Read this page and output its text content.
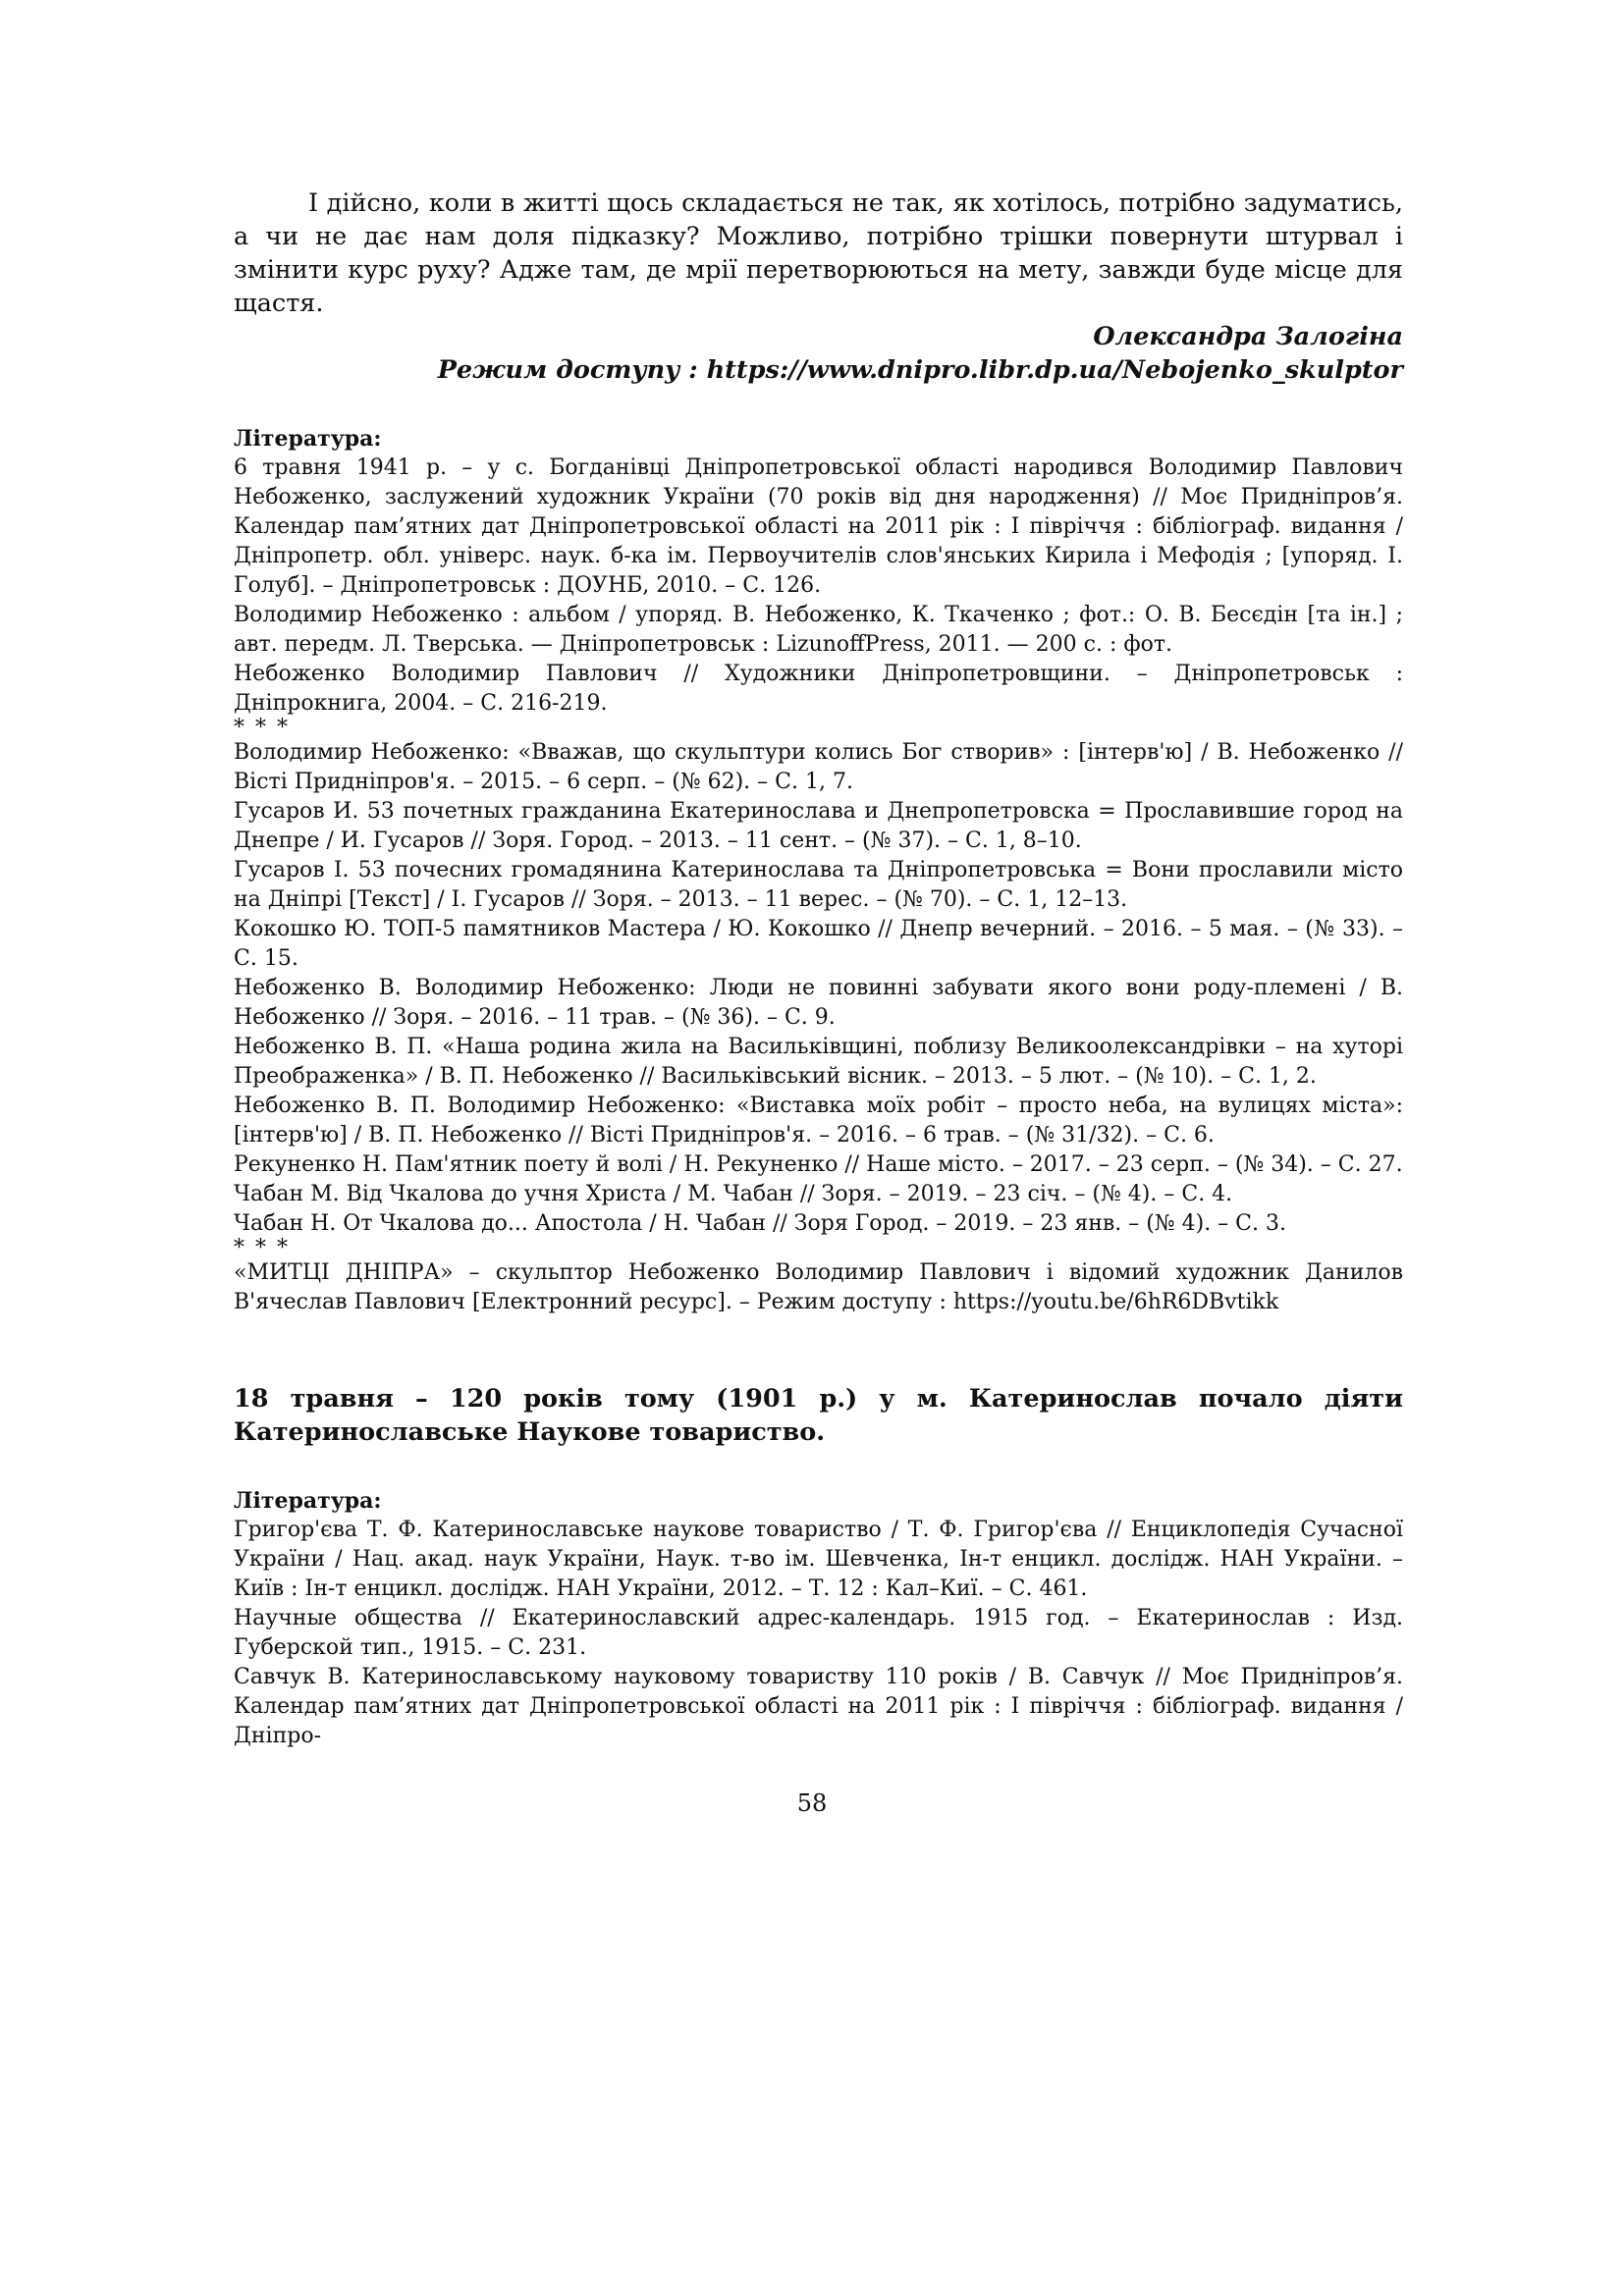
І дійсно, коли в житті щось складається не так, як хотілось, потрібно задуматись, а чи не дає нам доля підказку? Можливо, потрібно трішки повернути штурвал і змінити курс руху? Адже там, де мрії перетворюються на мету, завжди буде місце для щастя.

Олександра Залогіна
Режим доступу : https://www.dnipro.libr.dp.ua/Nebojenko_skulptor

Література:

6 травня 1941 р. – у с. Богданівці Дніпропетровської області народився Володимир Павлович Небоженко, заслужений художник України (70 років від дня народження) // Моє Придніпров’я. Календар пам’ятних дат Дніпропетровської області на 2011 рік : І півріччя : бібліограф. видання / Дніпропетр. обл. універс. наук. б-ка ім. Первоучителів слов'янських Кирила і Мефодія ; [упоряд. І. Голуб]. – Дніпропетровськ : ДОУНБ, 2010. – С. 126.

Володимир Небоженко : альбом / упоряд. В. Небоженко, К. Ткаченко ; фот.: О. В. Бесєдін [та ін.] ; авт. передм. Л. Тверська. — Дніпропетровськ : LizunoffPress, 2011. — 200 с. : фот.

Небоженко Володимир Павлович // Художники Дніпропетровщини. – Дніпропетровськ : Дніпрокнига, 2004. – С. 216-219.

* * *

Володимир Небоженко: «Вважав, що скульптури колись Бог створив» : [інтерв'ю] / В. Небоженко // Вісті Придніпров'я. – 2015. – 6 серп. – (№ 62). – С. 1, 7.

Гусаров И. 53 почетных гражданина Екатеринослава и Днепропетровска = Прославившие город на Днепре / И. Гусаров // Зоря. Город. – 2013. – 11 сент. – (№ 37). – С. 1, 8–10.

Гусаров І. 53 почесних громадянина Катеринослава та Дніпропетровська = Вони прославили місто на Дніпрі [Текст] / І. Гусаров // Зоря. – 2013. – 11 верес. – (№ 70). – С. 1, 12–13.

Кокошко Ю. ТОП-5 памятников Мастера / Ю. Кокошко // Днепр вечерний. – 2016. – 5 мая. – (№ 33). – С. 15.

Небоженко В. Володимир Небоженко: Люди не повинні забувати якого вони роду-племені / В. Небоженко // Зоря. – 2016. – 11 трав. – (№ 36). – С. 9.

Небоженко В. П. «Наша родина жила на Васильківщині, поблизу Великоолександрівки – на хуторі Преображенка» / В. П. Небоженко // Васильківський вісник. – 2013. – 5 лют. – (№ 10). – С. 1, 2.

Небоженко В. П. Володимир Небоженко: «Виставка моїх робіт – просто неба, на вулицях міста»: [інтерв'ю] / В. П. Небоженко // Вісті Придніпров'я. – 2016. – 6 трав. – (№ 31/32). – С. 6.

Рекуненко Н. Пам'ятник поету й волі / Н. Рекуненко // Наше місто. – 2017. – 23 серп. – (№ 34). – С. 27.

Чабан М. Від Чкалова до учня Христа / М. Чабан // Зоря. – 2019. – 23 січ. – (№ 4). – С. 4.

Чабан Н. От Чкалова до... Апостола / Н. Чабан // Зоря Город. – 2019. – 23 янв. – (№ 4). – С. 3.

* * *

«МИТЦІ ДНІПРА» – скульптор Небоженко Володимир Павлович і відомий художник Данилов В'ячеслав Павлович [Електронний ресурс]. – Режим доступу : https://youtu.be/6hR6DBvtikk

18 травня – 120 років тому (1901 р.) у м. Катеринослав почало діяти Катеринославське Наукове товариство.

Література:

Григор'єва Т. Ф. Катеринославське наукове товариство / Т. Ф. Григор'єва // Енциклопедія Сучасної України / Нац. акад. наук України, Наук. т-во ім. Шевченка, Ін-т енцикл. дослідж. НАН України. – Київ : Ін-т енцикл. дослідж. НАН України, 2012. – Т. 12 : Кал–Киї. – С. 461.

Научные общества // Екатеринославский адрес-календарь. 1915 год. – Екатеринослав : Изд. Губерской тип., 1915. – С. 231.

Савчук В. Катеринославському науковому товариству 110 років / В. Савчук // Моє Придніпров’я. Календар пам’ятних дат Дніпропетровської області на 2011 рік : І півріччя : бібліограф. видання / Дніпро-

58
